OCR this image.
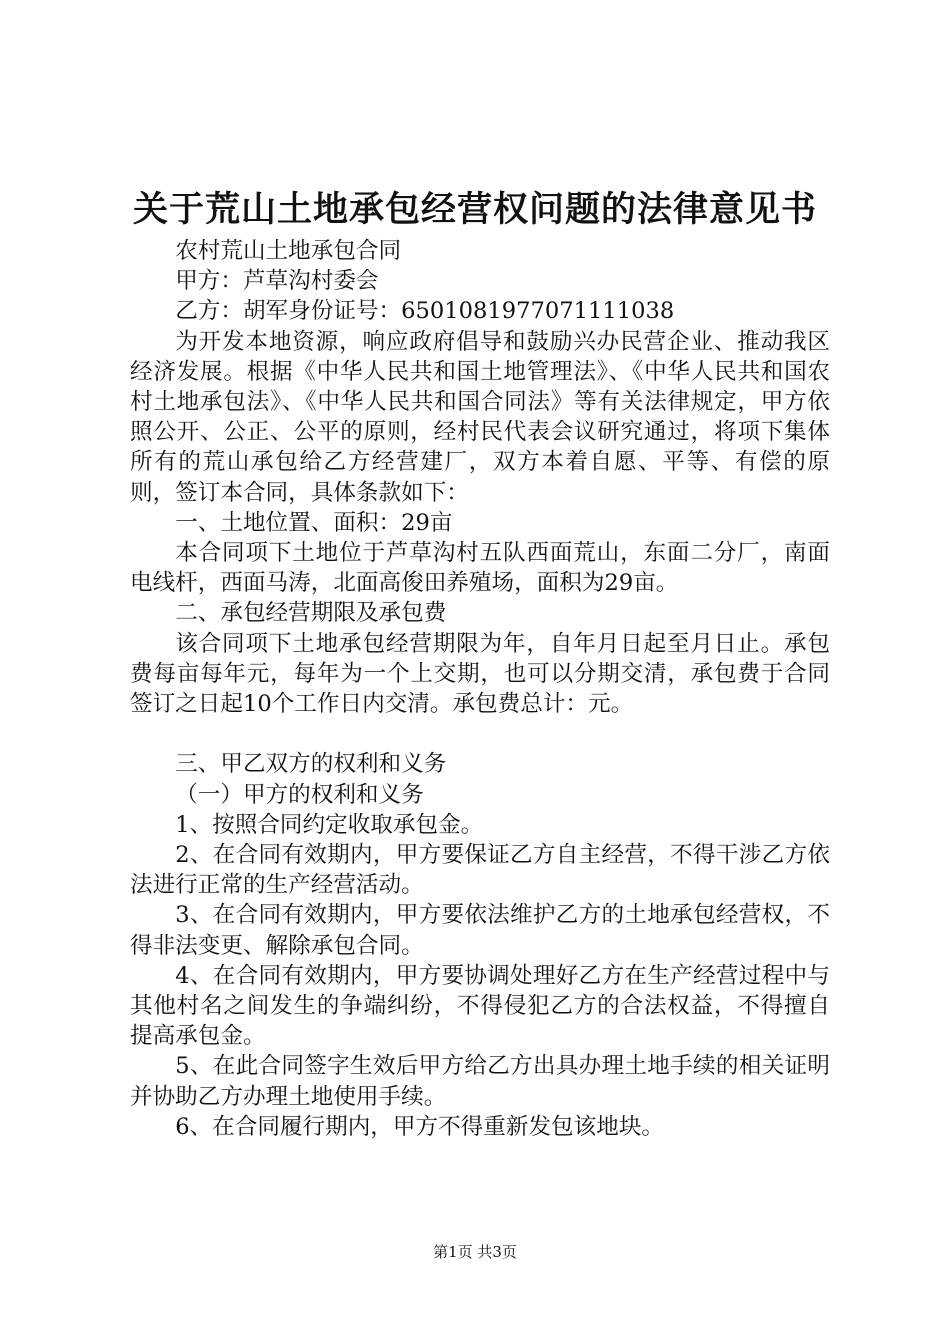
关于荒山土地承包经营权问题的法律意见书

农村荒山土地承包合同

甲方：芦草沟村委会

乙方：胡军身份证号：650108197707111103​8

为开发本地资源，响应政府倡导和鼓励兴办民营企业、推动我区经济发展。根据《中华人民共和国土地管理法》、《中华人民共和国农村土地承包法》、《中华人民共和国合同法》等有关法律规定，甲方依照公开、公正、公平的原则，经村民代表会议研究通过，将项下集体所有的荒山承包给乙方经营建厂，双方本着自愿、平等、有偿的原则，签订本合同，具体条款如下：

一、土地位置、面积：29亩

本合同项下土地位于芦草沟村五队西面荒山，东面二分厂，南面电线杆，西面马涛，北面高俊田养殖场，面积为29亩。

二、承包经营期限及承包费

该合同项下土地承包经营期限为年，自年月日起至月日止。承包费每亩每年元，每年为一个上交期，也可以分期交清，承包费于合同签订之日起10个工作日内交清。承包费总计：元。

三、甲乙双方的权利和义务

（一）甲方的权利和义务

1、按照合同约定收取承包金。

2、在合同有效期内，甲方要保证乙方自主经营，不得干涉乙方依法进行正常的生产经营活动。

3、在合同有效期内，甲方要依法维护乙方的土地承包经营权，不得非法变更、解除承包合同。

4、在合同有效期内，甲方要协调处理好乙方在生产经营过程中与其他村名之间发生的争端纠纷，不得侵犯乙方的合法权益，不得擅自提高承包金。

5、在此合同签字生效后甲方给乙方出具办理土地手续的相关证明并协助乙方办理土地使用手续。

6、在合同履行期内，甲方不得重新发包该地块。

第1页 共3页
